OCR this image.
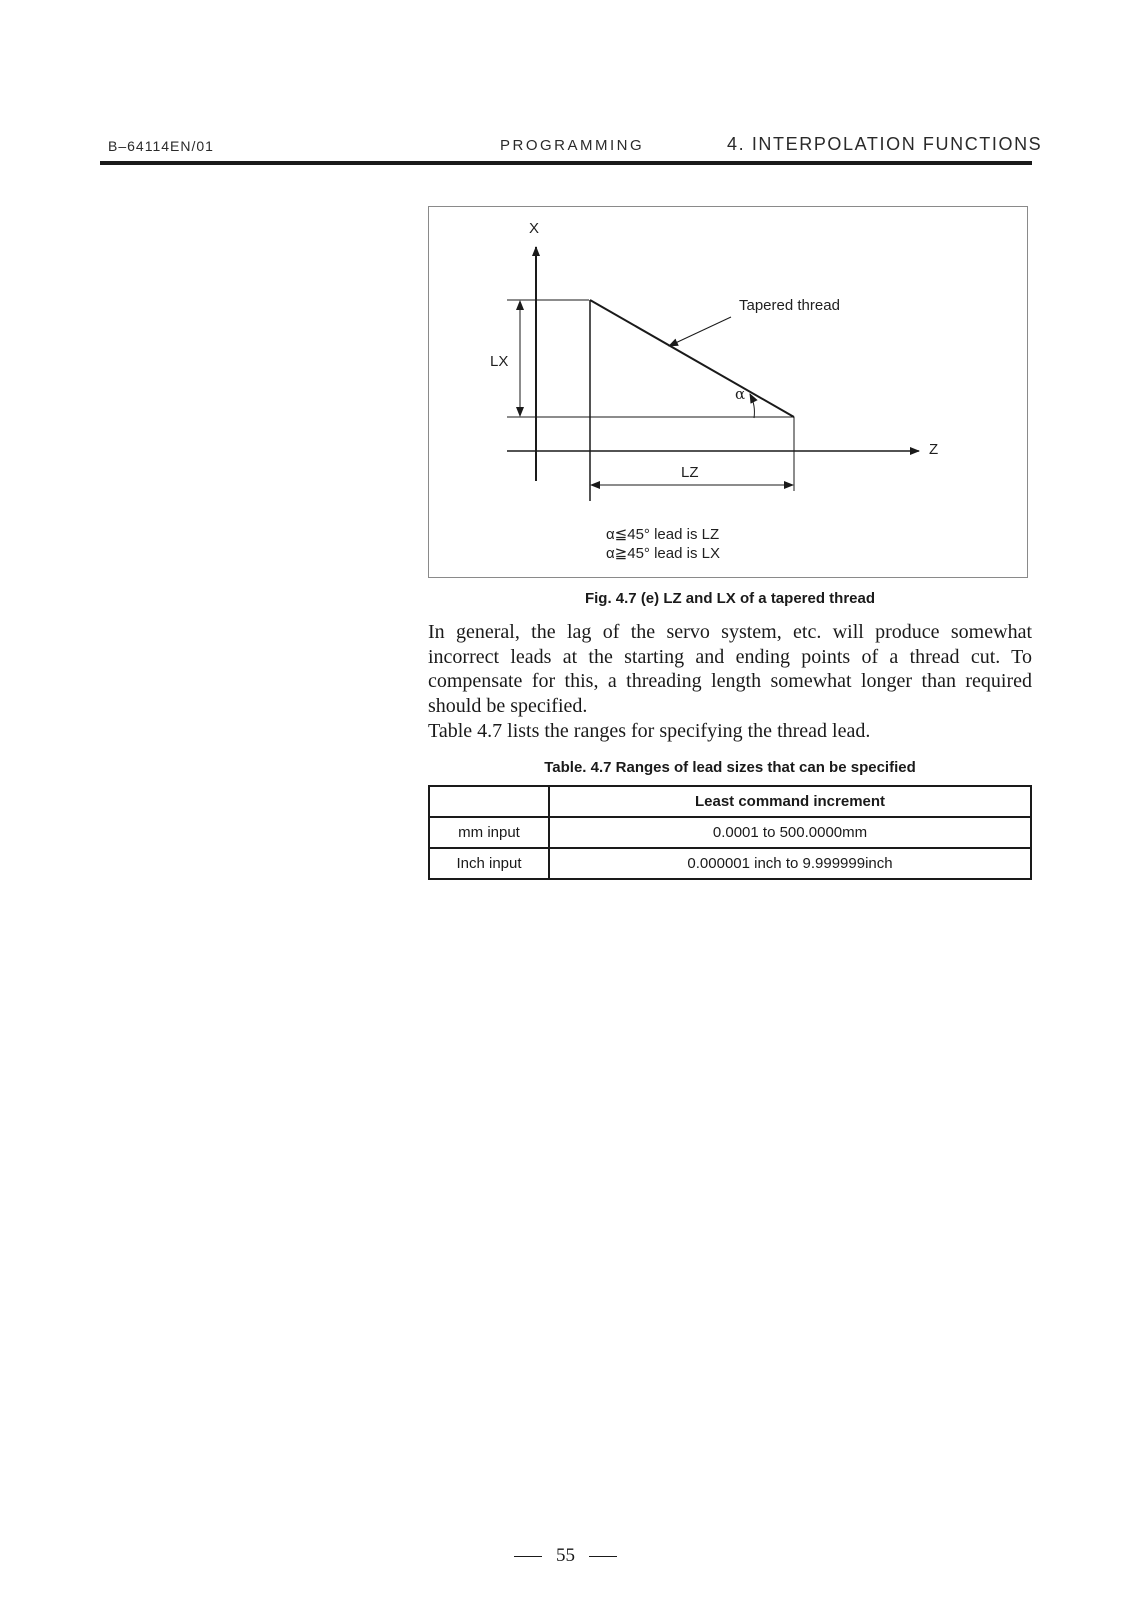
B–64114EN/01	PROGRAMMING	4. INTERPOLATION FUNCTIONS
X
Z
LX
LZ
α
Tapered thread
α≦45° lead is LZ
α≧45° lead is LX
Fig. 4.7 (e) LZ and LX of a tapered thread

In general, the lag of the servo system, etc. will produce somewhat incorrect leads at the starting and ending points of a thread cut. To compensate for this, a threading length somewhat longer than required should be specified.

Table 4.7 lists the ranges for specifying the thread lead.

Table. 4.7 Ranges of lead sizes that can be specified
	Least command increment
mm input	0.0001 to 500.0000mm
Inch input	0.000001 inch to 9.999999inch
55
